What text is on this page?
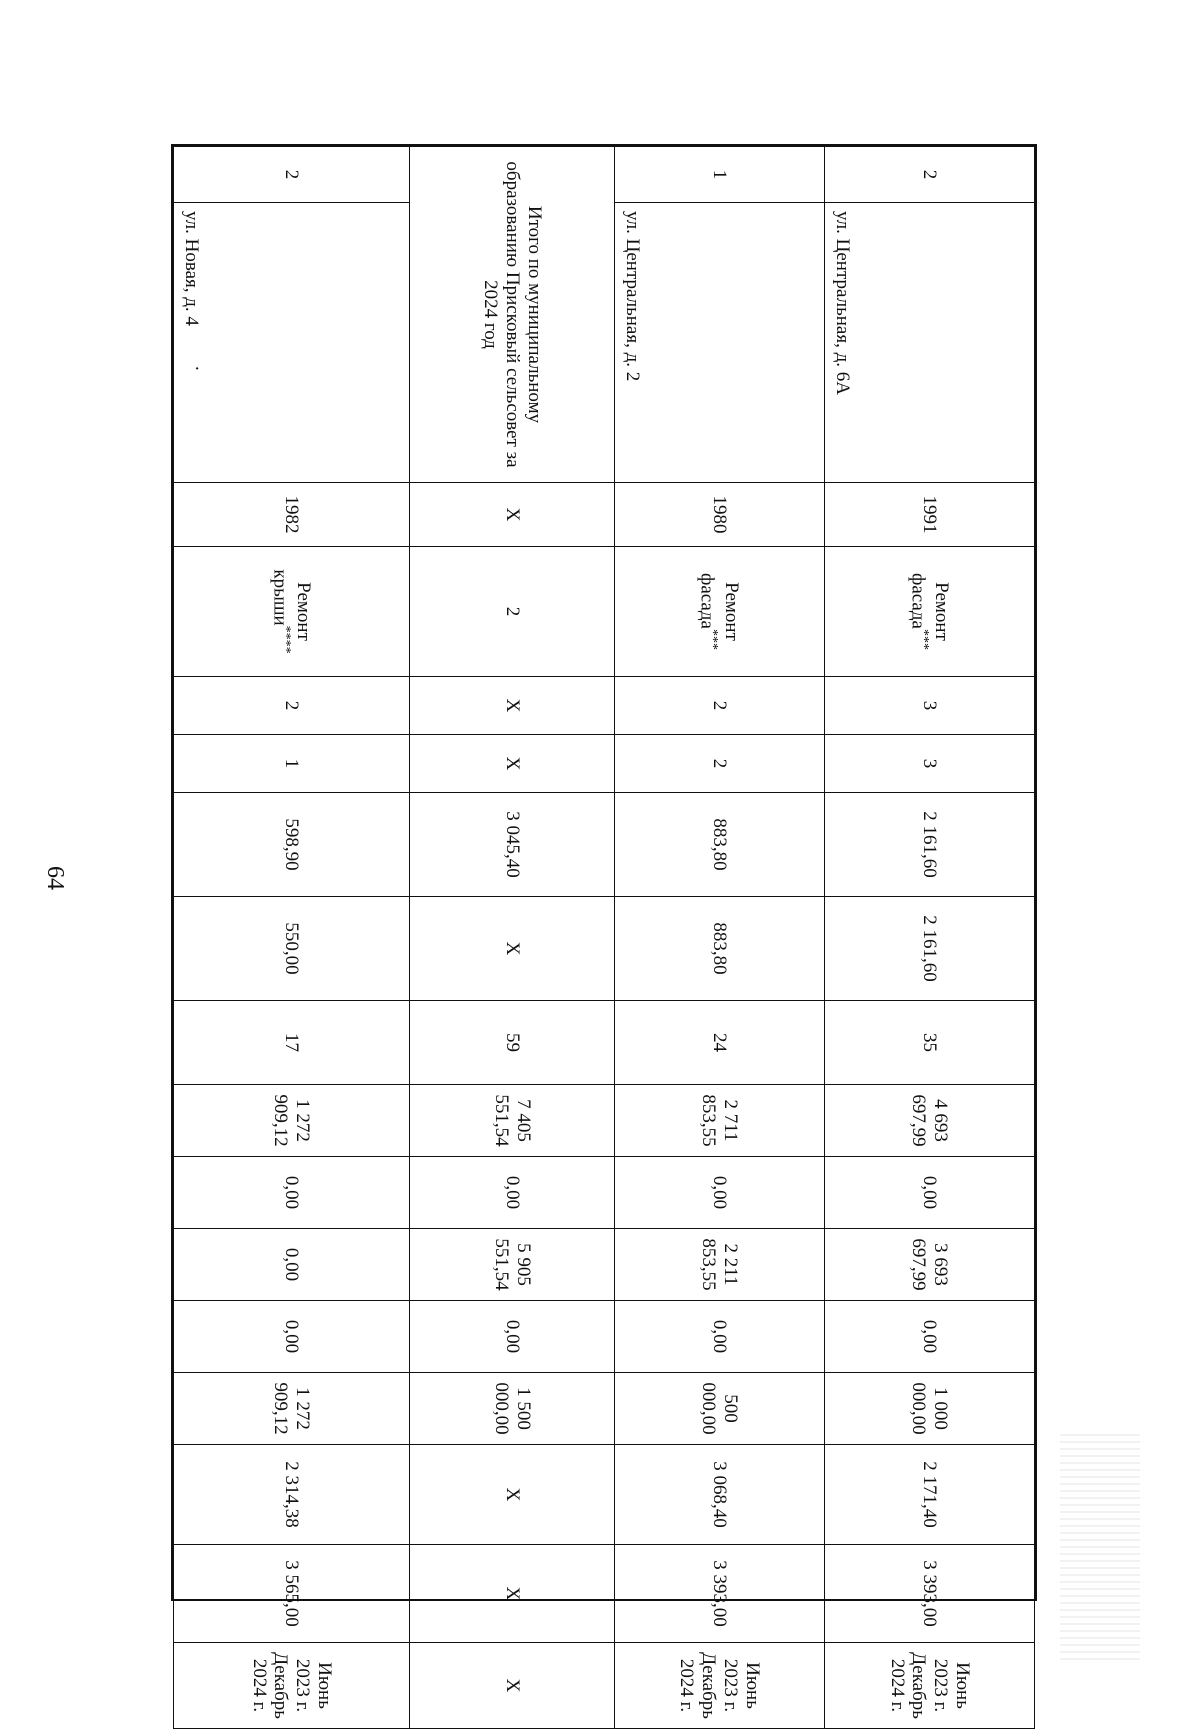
64
2	ул. Центральная, д. 6А	1991	Ремонт фасада***	3	3	2 161,60	2 161,60	35	4 693 697,99	0,00	3 693 697,99	0,00	1 000 000,00	2 171,40	3 393,00	Июнь 2023 г.
Декабрь 2024 г.
1	ул. Центральная, д. 2	1980	Ремонт фасада***	2	2	883,80	883,80	24	2 711 853,55	0,00	2 211 853,55	0,00	500 000,00	3 068,40	3 393,00	Июнь 2023 г.
Декабрь 2024 г.
Итого по муниципальному образованию Присковый сельсовет за 2024 год		X	2	X	X	3 045,40	X	59	7 405 551,54	0,00	5 905 551,54	0,00	1 500 000,00	X	X	X
2	ул. Новая, д. 4.	1982	Ремонт крыши****	2	1	598,90	550,00	17	1 272 909,12	0,00	0,00	0,00	1 272 909,12	2 314,38	3 565,00	Июнь 2023 г.
Декабрь 2024 г.
